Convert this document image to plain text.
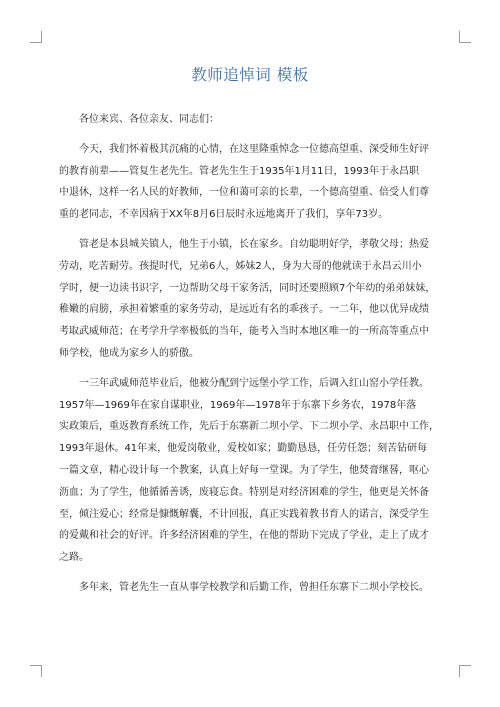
教师追悼词 模板
各位来宾、各位亲友、同志们：
今天，我们怀着极其沉痛的心情，在这里隆重悼念一位德高望重、深受师生好评
的教育前辈——管复生老先生。管老先生生于1935年1月11日，1993年于永昌职
中退休，这样一名人民的好教师，一位和蔼可亲的长辈，一个德高望重、倍受人们尊
重的老同志，不幸因病于XX年8月6日辰时永远地离开了我们，享年73岁。
管老是本县城关镇人，他生于小镇，长在家乡。自幼聪明好学，孝敬父母；热爱
劳动，吃苦耐劳。孩提时代，兄弟6人，姊妹2人，身为大哥的他就读于永昌云川小
学时，便一边读书识字，一边帮助父母干家务活，同时还要照顾7个年幼的弟弟妹妹，
稚嫩的肩膀，承担着繁重的家务劳动，是远近有名的乖孩子。一二年，他以优异成绩
考取武威师范；在考学升学率极低的当年，能考入当时本地区唯一的一所高等重点中
师学校，他成为家乡人的骄傲。
一三年武威师范毕业后，他被分配到宁远堡小学工作，后调入红山窑小学任教。
1957年—1969年在家自谋职业，1969年—1978年于东寨下乡务农，1978年落
实政策后，重返教育系统工作，先后于东寨新二坝小学、下二坝小学、永昌职中工作，
1993年退休。41年来，他爱岗敬业，爱校如家；勤勤恳恳，任劳任怨；刻苦钻研每
一篇文章，精心设计每一个教案，认真上好每一堂课。为了学生，他焚膏继晷，呕心
沥血；为了学生，他循循善诱，废寝忘食。特别是对经济困难的学生，他更是关怀备
至，倾注爱心；经常是慷慨解囊，不计回报，真正实践着教书育人的诺言，深受学生
的爱戴和社会的好评。许多经济困难的学生，在他的帮助下完成了学业，走上了成才
之路。
多年来，管老先生一直从事学校教学和后勤工作，曾担任东寨下二坝小学校长。
